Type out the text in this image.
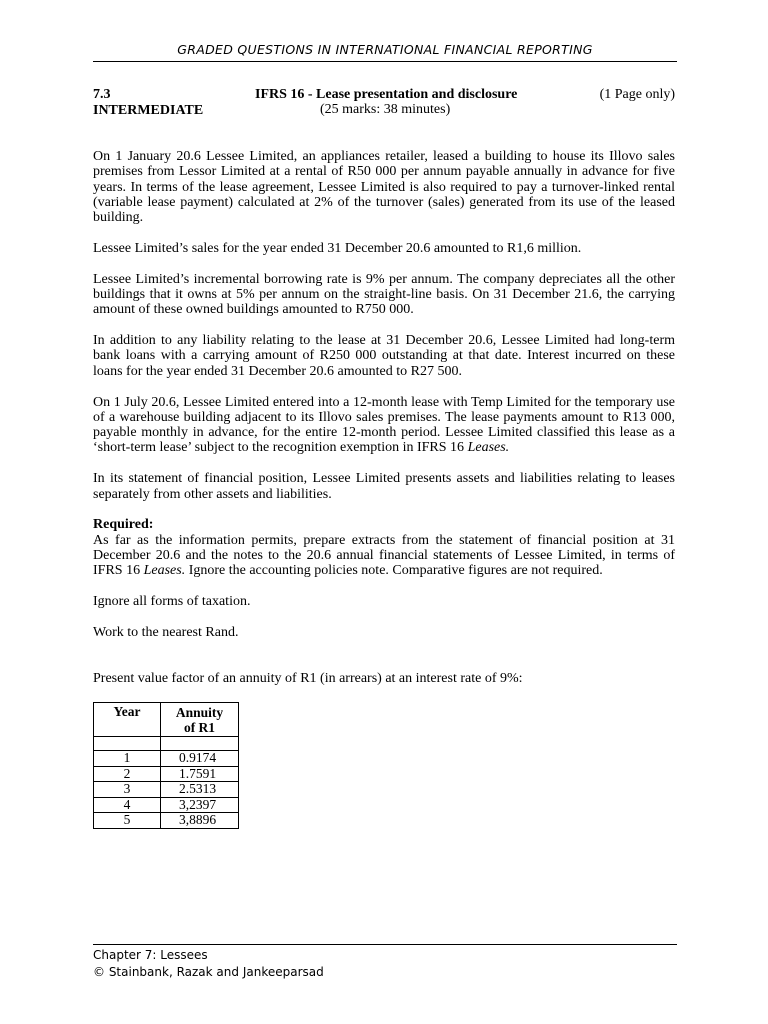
GRADED QUESTIONS IN INTERNATIONAL FINANCIAL REPORTING
7.3
INTERMEDIATE
IFRS 16 - Lease presentation and disclosure
(25 marks: 38 minutes)
(1 Page only)

On 1 January 20.6 Lessee Limited, an appliances retailer, leased a building to house its Illovo sales premises from Lessor Limited at a rental of R50 000 per annum payable annually in advance for five years. In terms of the lease agreement, Lessee Limited is also required to pay a turnover-linked rental (variable lease payment) calculated at 2% of the turnover (sales) generated from its use of the leased building.

Lessee Limited’s sales for the year ended 31 December 20.6 amounted to R1,6 million.

Lessee Limited’s incremental borrowing rate is 9% per annum. The company depreciates all the other buildings that it owns at 5% per annum on the straight-line basis. On 31 December 21.6, the carrying amount of these owned buildings amounted to R750 000.

In addition to any liability relating to the lease at 31 December 20.6, Lessee Limited had long-term bank loans with a carrying amount of R250 000 outstanding at that date. Interest incurred on these loans for the year ended 31 December 20.6 amounted to R27 500.

On 1 July 20.6, Lessee Limited entered into a 12-month lease with Temp Limited for the temporary use of a warehouse building adjacent to its Illovo sales premises. The lease payments amount to R13 000, payable monthly in advance, for the entire 12-month period. Lessee Limited classified this lease as a ‘short-term lease’ subject to the recognition exemption in IFRS 16 Leases.

In its statement of financial position, Lessee Limited presents assets and liabilities relating to leases separately from other assets and liabilities.

Required:
As far as the information permits, prepare extracts from the statement of financial position at 31 December 20.6 and the notes to the 20.6 annual financial statements of Lessee Limited, in terms of IFRS 16 Leases. Ignore the accounting policies note. Comparative figures are not required.

Ignore all forms of taxation.

Work to the nearest Rand.

Present value factor of an annuity of R1 (in arrears) at an interest rate of 9%:
Year	Annuity
of R1

1	0.9174
2	1.7591
3	2.5313
4	3,2397
5	3,8896
Chapter 7: Lessees
© Stainbank, Razak and Jankeeparsad
